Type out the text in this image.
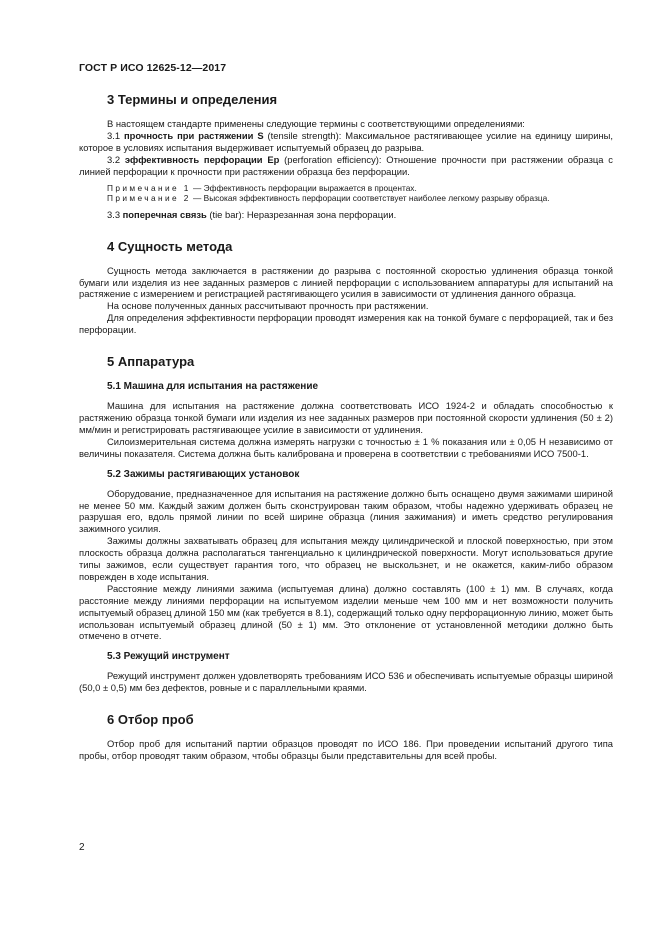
ГОСТ Р ИСО 12625-12—2017
3 Термины и определения

В настоящем стандарте применены следующие термины с соответствующими определениями:

3.1 прочность при растяжении S (tensile strength): Максимальное растягивающее усилие на единицу ширины, которое в условиях испытания выдерживает испытуемый образец до разрыва.

3.2 эффективность перфорации Ep (perforation efficiency): Отношение прочности при растяжении образца с линией перфорации к прочности при растяжении образца без перфорации.

Примечание 1 — Эффективность перфорации выражается в процентах.

Примечание 2 — Высокая эффективность перфорации соответствует наиболее легкому разрыву образца.

3.3 поперечная связь (tie bar): Неразрезанная зона перфорации.

4 Сущность метода

Сущность метода заключается в растяжении до разрыва с постоянной скоростью удлинения образца тонкой бумаги или изделия из нее заданных размеров с линией перфорации с использованием аппаратуры для испытаний на растяжение с измерением и регистрацией растягивающего усилия в зависимости от удлинения данного образца.

На основе полученных данных рассчитывают прочность при растяжении.

Для определения эффективности перфорации проводят измерения как на тонкой бумаге с перфорацией, так и без перфорации.

5 Аппаратура
5.1 Машина для испытания на растяжение

Машина для испытания на растяжение должна соответствовать ИСО 1924-2 и обладать способностью к растяжению образца тонкой бумаги или изделия из нее заданных размеров при постоянной скорости удлинения (50 ± 2) мм/мин и регистрировать растягивающее усилие в зависимости от удлинения.

Силоизмерительная система должна измерять нагрузки с точностью ± 1 % показания или ± 0,05 Н независимо от величины показателя. Система должна быть калибрована и проверена в соответствии с требованиями ИСО 7500-1.

5.2 Зажимы растягивающих установок

Оборудование, предназначенное для испытания на растяжение должно быть оснащено двумя зажимами шириной не менее 50 мм. Каждый зажим должен быть сконструирован таким образом, чтобы надежно удерживать образец не разрушая его, вдоль прямой линии по всей ширине образца (линия зажимания) и иметь средство регулирования зажимного усилия.

Зажимы должны захватывать образец для испытания между цилиндрической и плоской поверхностью, при этом плоскость образца должна располагаться тангенциально к цилиндрической поверхности. Могут использоваться другие типы зажимов, если существует гарантия того, что образец не выскользнет, и не окажется, каким-либо образом поврежден в ходе испытания.

Расстояние между линиями зажима (испытуемая длина) должно составлять (100 ± 1) мм. В случаях, когда расстояние между линиями перфорации на испытуемом изделии меньше чем 100 мм и нет возможности получить испытуемый образец длиной 150 мм (как требуется в 8.1), содержащий только одну перфорационную линию, может быть использован испытуемый образец длиной (50 ± 1) мм. Это отклонение от установленной методики должно быть отмечено в отчете.

5.3 Режущий инструмент

Режущий инструмент должен удовлетворять требованиям ИСО 536 и обеспечивать испытуемые образцы шириной (50,0 ± 0,5) мм без дефектов, ровные и с параллельными краями.

6 Отбор проб

Отбор проб для испытаний партии образцов проводят по ИСО 186. При проведении испытаний другого типа пробы, отбор проводят таким образом, чтобы образцы были представительны для всей пробы.

2
